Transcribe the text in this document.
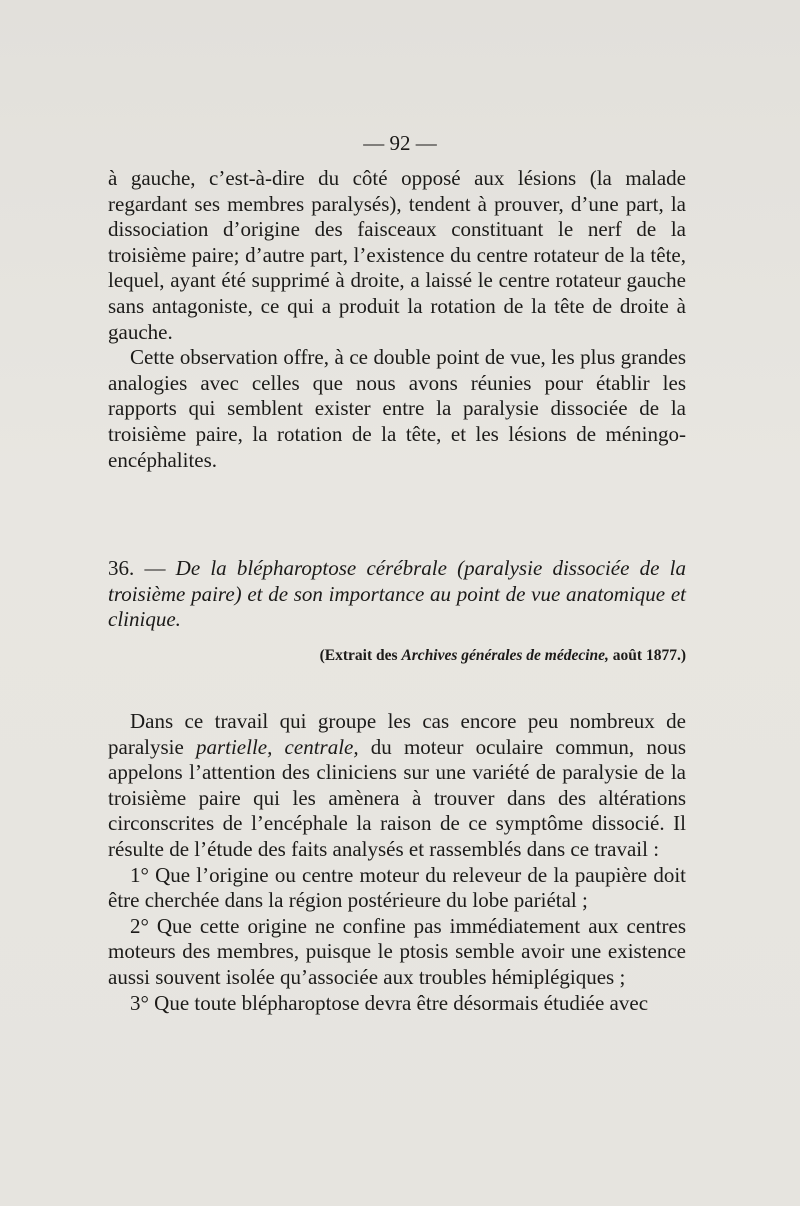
— 92 —

à gauche, c’est-à-dire du côté opposé aux lésions (la malade regardant ses membres paralysés), tendent à prouver, d’une part, la dissociation d’origine des faisceaux constituant le nerf de la troisième paire; d’autre part, l’existence du centre rotateur de la tête, lequel, ayant été supprimé à droite, a laissé le centre rotateur gauche sans antagoniste, ce qui a produit la rotation de la tête de droite à gauche.

Cette observation offre, à ce double point de vue, les plus grandes analogies avec celles que nous avons réunies pour établir les rapports qui semblent exister entre la paralysie dissociée de la troisième paire, la rotation de la tête, et les lésions de méningo-encéphalites.

36. — De la blépharoptose cérébrale (paralysie dissociée de la troisième paire) et de son importance au point de vue anatomique et clinique.

(Extrait des Archives générales de médecine, août 1877.)

Dans ce travail qui groupe les cas encore peu nombreux de paralysie partielle, centrale, du moteur oculaire commun, nous appelons l’attention des cliniciens sur une variété de paralysie de la troisième paire qui les amènera à trouver dans des altérations circonscrites de l’encéphale la raison de ce symptôme dissocié. Il résulte de l’étude des faits analysés et rassemblés dans ce travail :

1° Que l’origine ou centre moteur du releveur de la paupière doit être cherchée dans la région postérieure du lobe pariétal ;

2° Que cette origine ne confine pas immédiatement aux centres moteurs des membres, puisque le ptosis semble avoir une existence aussi souvent isolée qu’associée aux troubles hémiplégiques ;

3° Que toute blépharoptose devra être désormais étudiée avec
